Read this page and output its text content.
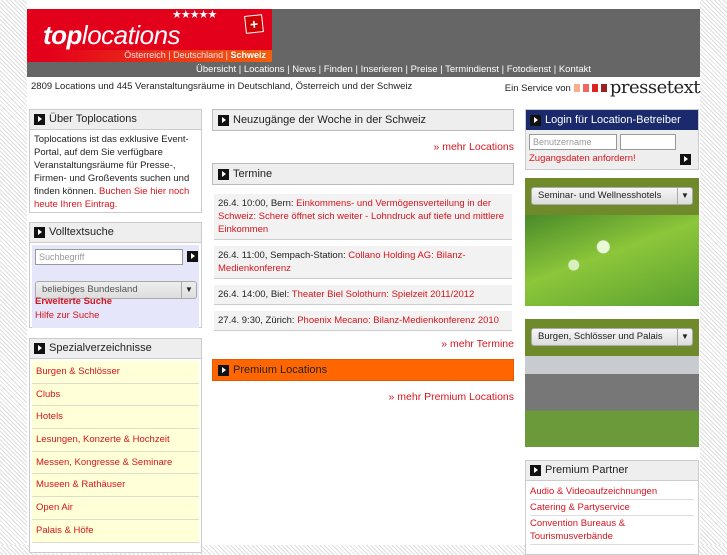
toplocations
★★★★★
+
Österreich | Deutschland | Schweiz
Übersicht | Locations | News | Finden | Inserieren | Preise | Termindienst | Fotodienst | Kontakt
2809 Locations und 445 Veranstaltungsräume in Deutschland, Österreich und der Schweiz	Ein Service von pressetext
Über Toplocations
Toplocations ist das exklusive Event-Portal, auf dem Sie verfügbare Veranstaltungsräume für Presse-, Firmen- und Großevents suchen und finden können. Buchen Sie hier noch heute Ihren Eintrag.
Volltextsuche
Suchbegriff
beliebiges Bundesland	▼
Erweiterte Suche
Hilfe zur Suche
Spezialverzeichnisse
Burgen & Schlösser
Clubs
Hotels
Lesungen, Konzerte & Hochzeit
Messen, Kongresse & Seminare
Museen & Rathäuser
Open Air
Palais & Höfe
Neuzugänge der Woche in der Schweiz
» mehr Locations
Termine
26.4. 10:00, Bern: Einkommens- und Vermögensverteilung in der Schweiz: Schere öffnet sich weiter - Lohndruck auf tiefe und mittlere Einkommen
26.4. 11:00, Sempach-Station: Collano Holding AG: Bilanz-Medienkonferenz
26.4. 14:00, Biel: Theater Biel Solothurn: Spielzeit 2011/2012
27.4. 9:30, Zürich: Phoenix Mecano: Bilanz-Medienkonferenz 2010
» mehr Termine
Premium Locations
» mehr Premium Locations
Login für Location-Betreiber
Benutzername
Zugangsdaten anfordern!
Seminar- und Wellnesshotels	▼
Burgen, Schlösser und Palais	▼
Premium Partner
Audio & Videoaufzeichnungen
Catering & Partyservice
Convention Bureaus & Tourismusverbände
